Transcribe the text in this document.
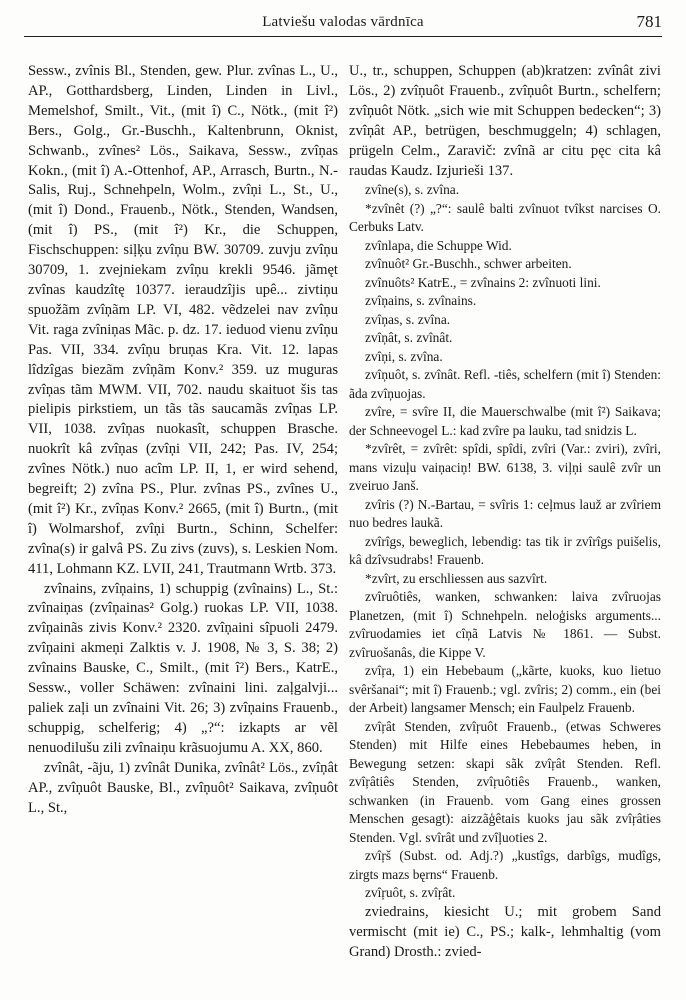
Latviešu valodas vārdnīca	781

Sessw., zvînis Bl., Stenden, gew. Plur. zvînas L., U., AP., Gotthardsberg, Linden, Linden in Livl., Memelshof, Smilt., Vit., (mit î) C., Nötk., (mit î²) Bers., Golg., Gr.-Buschh., Kaltenbrunn, Oknist, Schwanb., zvînes² Lös., Saikava, Sessw., zvîņas Kokn., (mit î) A.-Ottenhof, AP., Arrasch, Burtn., N.-Salis, Ruj., Schnehpeln, Wolm., zvîņi L., St., U., (mit î) Dond., Frauenb., Nötk., Stenden, Wandsen, (mit î) PS., (mit î²) Kr., die Schuppen, Fischschuppen: siļķu zvîņu BW. 30709. zuvju zvîņu 30709, 1. zvejniekam zvîņu krekli 9546. jãmęt zvînas kaudzîtę 10377. ieraudzîjis upê... zivtiņu spuožãm zvîņãm LP. VI, 482. vẽdzelei nav zvîņu Vit. raga zvîniņas Mãc. p. dz. 17. ieduod vienu zvîņu Pas. VII, 334. zvîņu bruņas Kra. Vit. 12. lapas lîdzîgas biezãm zvîņãm Konv.² 359. uz muguras zvîņas tãm MWM. VII, 702. naudu skaituot šis tas pielipis pirkstiem, un tãs tãs saucamãs zvîņas LP. VII, 1038. zvîņas nuokasît, schuppen Brasche. nuokrît kâ zvîņas (zvîņi VII, 242; Pas. IV, 254; zvînes Nötk.) nuo acîm LP. II, 1, er wird sehend, begreift; 2) zvîna PS., Plur. zvînas PS., zvînes U., (mit î²) Kr., zvîņas Konv.² 2665, (mit î) Burtn., (mit î) Wolmarshof, zvîņi Burtn., Schinn, Schelfer: zvîna(s) ir galvâ PS. Zu zivs (zuvs), s. Leskien Nom. 411, Lohmann KZ. LVII, 241, Trautmann Wrtb. 373.

zvînains, zvîņains, 1) schuppig (zvînains) L., St.: zvînaiņas (zvîņainas² Golg.) ruokas LP. VII, 1038. zvîņainãs zivis Konv.² 2320. zvîņaini sîpuoli 2479. zvîņaini akmeņi Zalktis v. J. 1908, № 3, S. 38; 2) zvînains Bauske, C., Smilt., (mit î²) Bers., KatrE., Sessw., voller Schäwen: zvînaini lini. zaļgalvji... paliek zaļi un zvînaini Vit. 26; 3) zvîņains Frauenb., schuppig, schelferig; 4) „?“: izkapts ar vẽl nenuodilušu zili zvînaiņu krãsuojumu A. XX, 860.

zvînât, -ãju, 1) zvînât Dunika, zvînât² Lös., zvîņât AP., zvîņuôt Bauske, Bl., zvîņuôt² Saikava, zvîņuôt L., St.,

U., tr., schuppen, Schuppen (ab)kratzen: zvînât zivi Lös., 2) zvîņuôt Frauenb., zvîņuôt Burtn., schelfern; zvîņuôt Nötk. „sich wie mit Schuppen bedecken“; 3) zvîņât AP., betrügen, beschmuggeln; 4) schlagen, prügeln Celm., Zaravič: zvînã ar citu pęc cita kâ raudas Kaudz. Izjurieši 137.

zvîne(s), s. zvîna.

*zvînêt (?) „?“: saulê balti zvînuot tvîkst narcises O. Cerbuks Latv.

zvînlapa, die Schuppe Wid.

zvînuôt² Gr.-Buschh., schwer arbeiten.

zvînuôts² KatrE., = zvînains 2: zvînuoti lini.

zvîņains, s. zvînains.

zvîņas, s. zvîna.

zvîņât, s. zvînât.

zvîņi, s. zvîna.

zvîņuôt, s. zvînât. Refl. -tiês, schelfern (mit î) Stenden: ãda zvîņuojas.

zvîre, = svîre II, die Mauerschwalbe (mit î²) Saikava; der Schneevogel L.: kad zvîre pa lauku, tad snidzis L.

*zvîrêt, = zvîrêt: spîdi, spîdi, zvîri (Var.: zviri), zvîri, mans vizuļu vaiņaciņ! BW. 6138, 3. viļņi saulê zvîr un zveiruo Janš.

zvîris (?) N.-Bartau, = svîris 1: ceļmus lauž ar zvîriem nuo bedres laukã.

zvîrîgs, beweglich, lebendig: tas tik ir zvîrîgs puišelis, kâ dzîvsudrabs! Frauenb.

*zvîrt, zu erschliessen aus sazvîrt.

zvîruôtiês, wanken, schwanken: laiva zvîruojas Planetzen, (mit î) Schnehpeln. neloģisks arguments... zvîruodamies iet cîņã Latvis № 1861. — Subst. zvîruošanâs, die Kippe V.

zvîŗa, 1) ein Hebebaum („kãrte, kuoks, kuo lietuo svêršanai“; mit î) Frauenb.; vgl. zvîris; 2) comm., ein (bei der Arbeit) langsamer Mensch; ein Faulpelz Frauenb.

zvîŗât Stenden, zvîŗuôt Frauenb., (etwas Schweres Stenden) mit Hilfe eines Hebebaumes heben, in Bewegung setzen: skapi sãk zvîŗât Stenden. Refl. zvîŗâtiês Stenden, zvîŗuôtiês Frauenb., wanken, schwanken (in Frauenb. vom Gang eines grossen Menschen gesagt): aizzãģêtais kuoks jau sãk zvîŗâties Stenden. Vgl. svîrât und zvîļuoties 2.

zvîŗš (Subst. od. Adj.?) „kustîgs, darbîgs, mudîgs, zirgts mazs bęrns“ Frauenb.

zvîŗuôt, s. zvîŗât.

zviedrains, kiesicht U.; mit grobem Sand vermischt (mit ie) C., PS.; kalk-, lehmhaltig (vom Grand) Drosth.: zvied-
